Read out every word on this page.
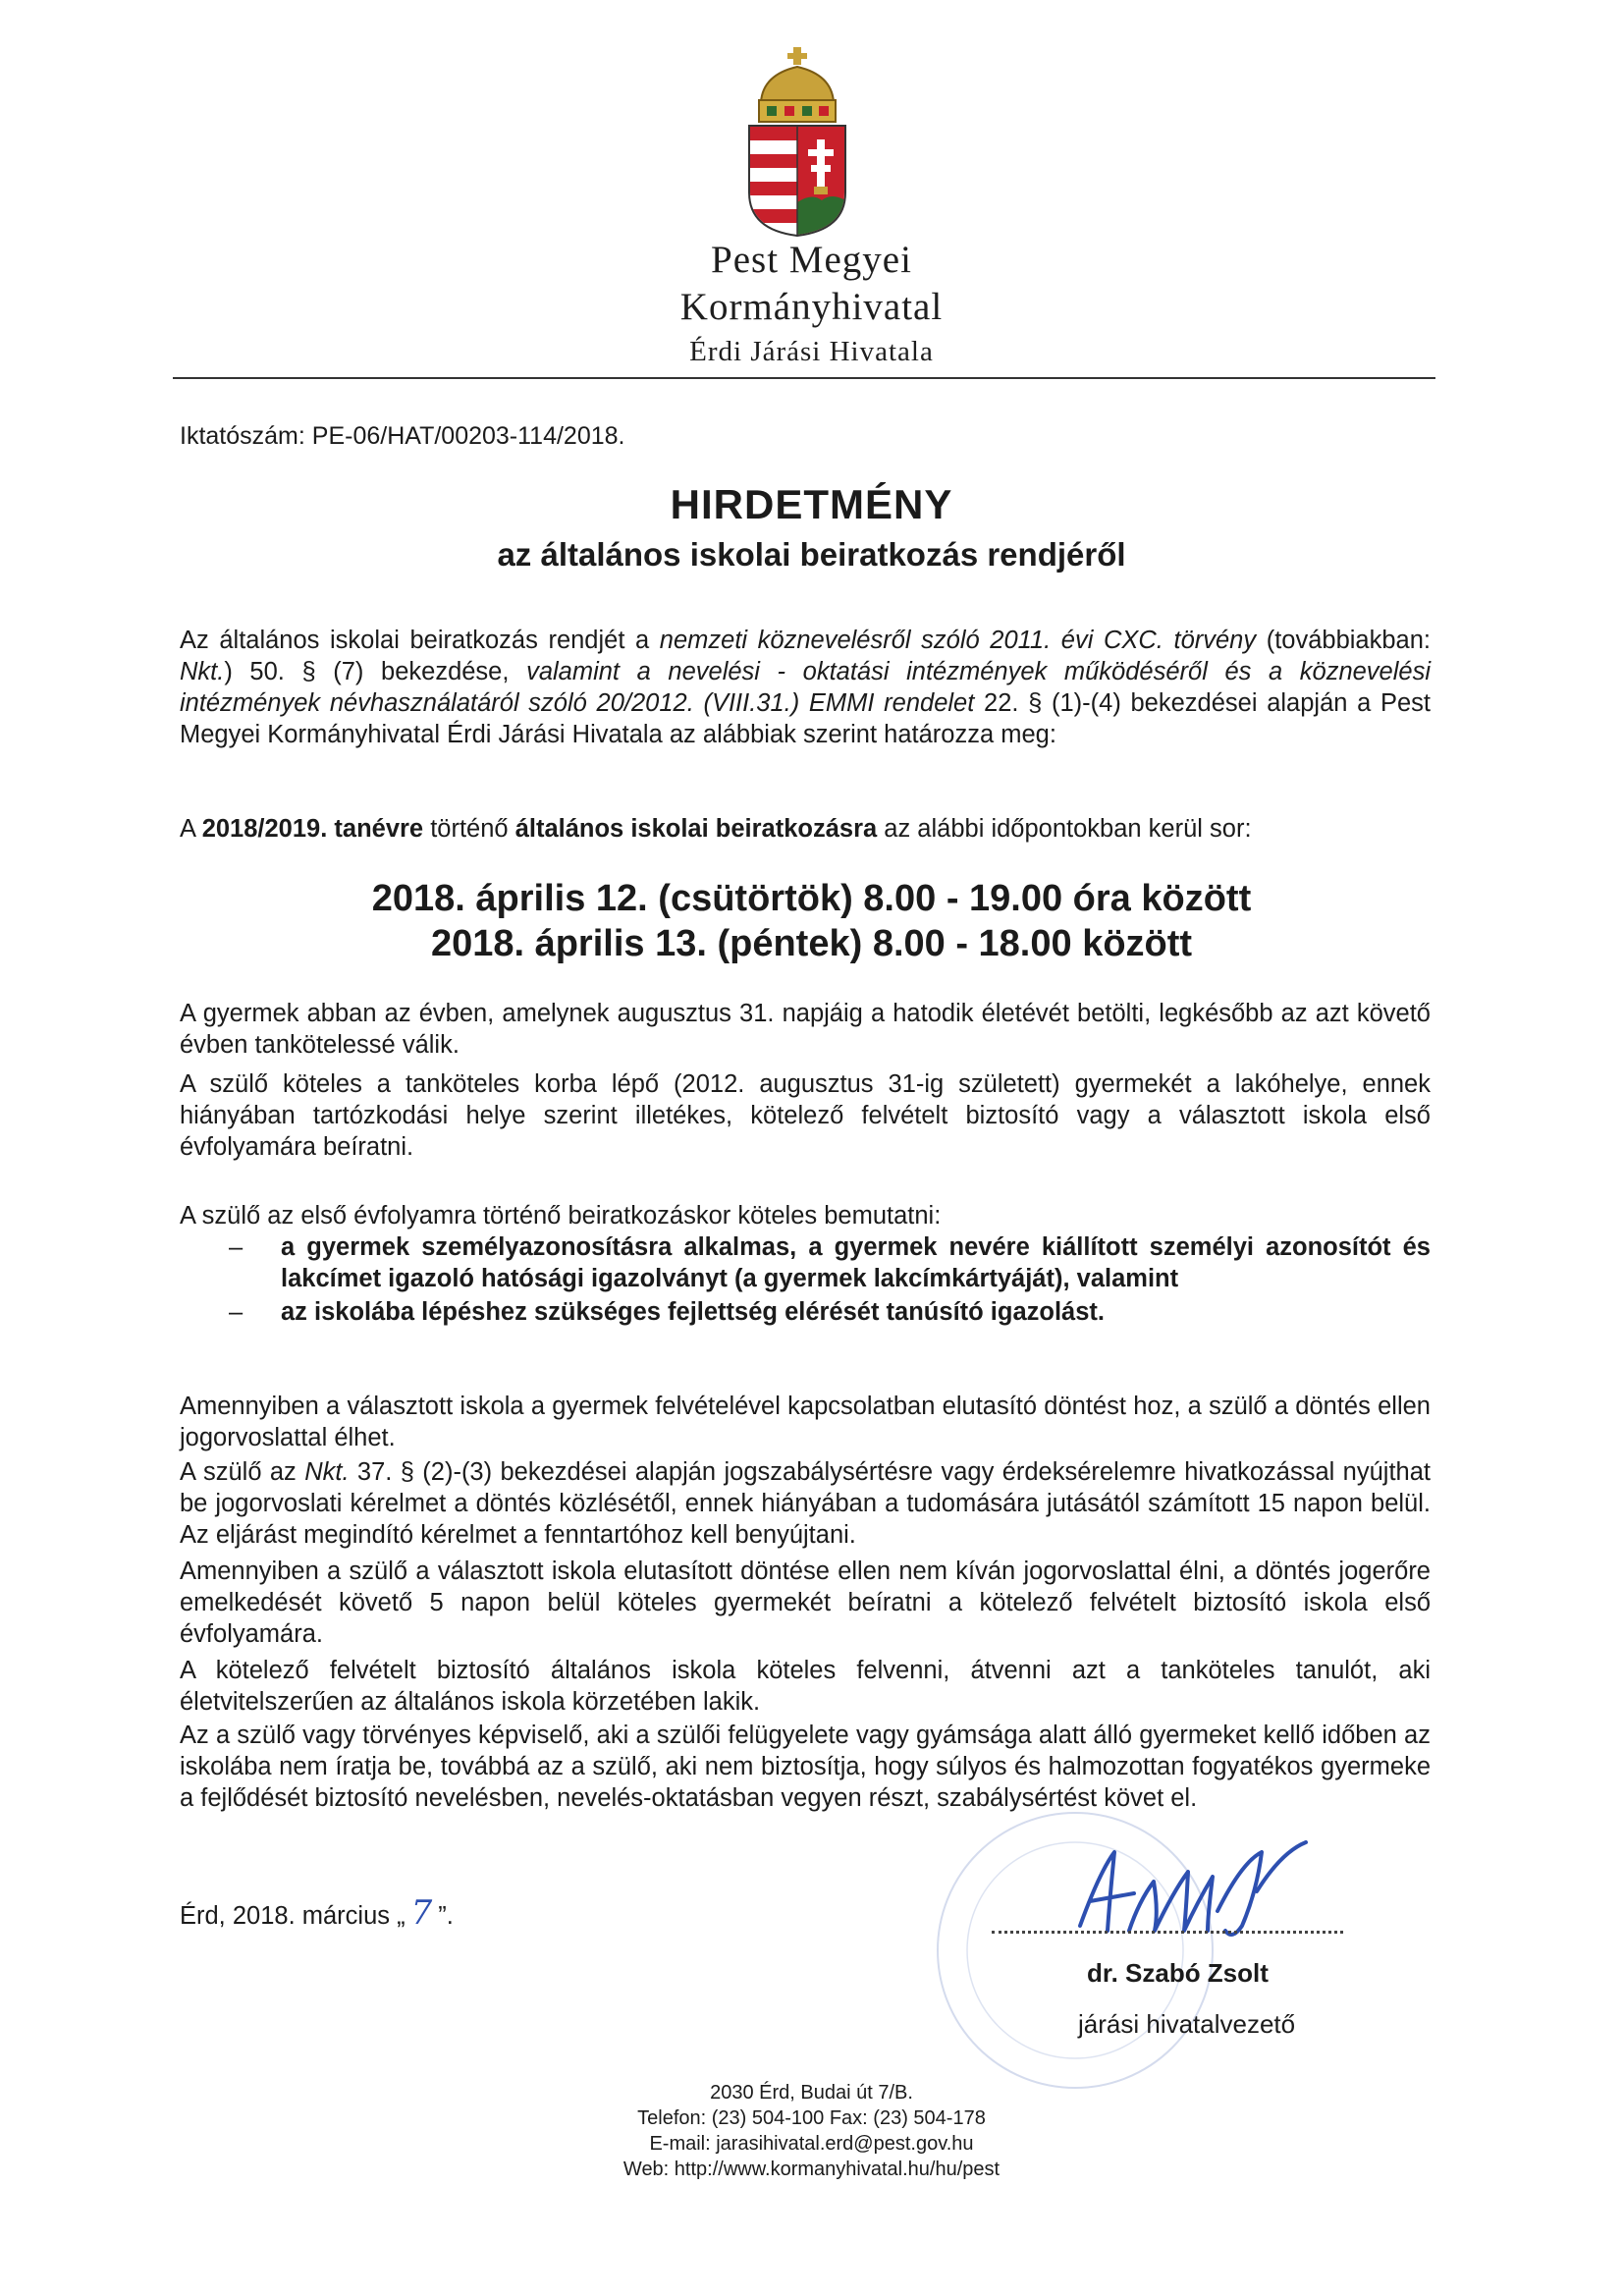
Pest Megyei
Kormányhivatal
Érdi Járási Hivatala
Iktatószám: PE-06/HAT/00203-114/2018.
HIRDETMÉNY
az általános iskolai beiratkozás rendjéről
Az általános iskolai beiratkozás rendjét a nemzeti köznevelésről szóló 2011. évi CXC. törvény (továbbiakban: Nkt.) 50. § (7) bekezdése, valamint a nevelési - oktatási intézmények működéséről és a köznevelési intézmények névhasználatáról szóló 20/2012. (VIII.31.) EMMI rendelet 22. § (1)-(4) bekezdései alapján a Pest Megyei Kormányhivatal Érdi Járási Hivatala az alábbiak szerint határozza meg:
A 2018/2019. tanévre történő általános iskolai beiratkozásra az alábbi időpontokban kerül sor:
2018. április 12. (csütörtök) 8.00 - 19.00 óra között
2018. április 13. (péntek) 8.00 - 18.00 között
A gyermek abban az évben, amelynek augusztus 31. napjáig a hatodik életévét betölti, legkésőbb az azt követő évben tankötelessé válik.
A szülő köteles a tanköteles korba lépő (2012. augusztus 31-ig született) gyermekét a lakóhelye, ennek hiányában tartózkodási helye szerint illetékes, kötelező felvételt biztosító vagy a választott iskola első évfolyamára beíratni.
A szülő az első évfolyamra történő beiratkozáskor köteles bemutatni:
– a gyermek személyazonosításra alkalmas, a gyermek nevére kiállított személyi azonosítót és lakcímet igazoló hatósági igazolványt (a gyermek lakcímkártyáját), valamint
– az iskolába lépéshez szükséges fejlettség elérését tanúsító igazolást.
Amennyiben a választott iskola a gyermek felvételével kapcsolatban elutasító döntést hoz, a szülő a döntés ellen jogorvoslattal élhet.
A szülő az Nkt. 37. § (2)-(3) bekezdései alapján jogszabálysértésre vagy érdeksérelemre hivatkozással nyújthat be jogorvoslati kérelmet a döntés közlésétől, ennek hiányában a tudomására jutásától számított 15 napon belül. Az eljárást megindító kérelmet a fenntartóhoz kell benyújtani.
Amennyiben a szülő a választott iskola elutasított döntése ellen nem kíván jogorvoslattal élni, a döntés jogerőre emelkedését követő 5 napon belül köteles gyermekét beíratni a kötelező felvételt biztosító iskola első évfolyamára.
A kötelező felvételt biztosító általános iskola köteles felvenni, átvenni azt a tanköteles tanulót, aki életvitelszerűen az általános iskola körzetében lakik.
Az a szülő vagy törvényes képviselő, aki a szülői felügyelete vagy gyámsága alatt álló gyermeket kellő időben az iskolába nem íratja be, továbbá az a szülő, aki nem biztosítja, hogy súlyos és halmozottan fogyatékos gyermeke a fejlődését biztosító nevelésben, nevelés-oktatásban vegyen részt, szabálysértést követ el.
Érd, 2018. március „ 7 ”.
dr. Szabó Zsolt
járási hivatalvezető
2030 Érd, Budai út 7/B.
Telefon: (23) 504-100 Fax: (23) 504-178
E-mail: jarasihivatal.erd@pest.gov.hu
Web: http://www.kormanyhivatal.hu/hu/pest
